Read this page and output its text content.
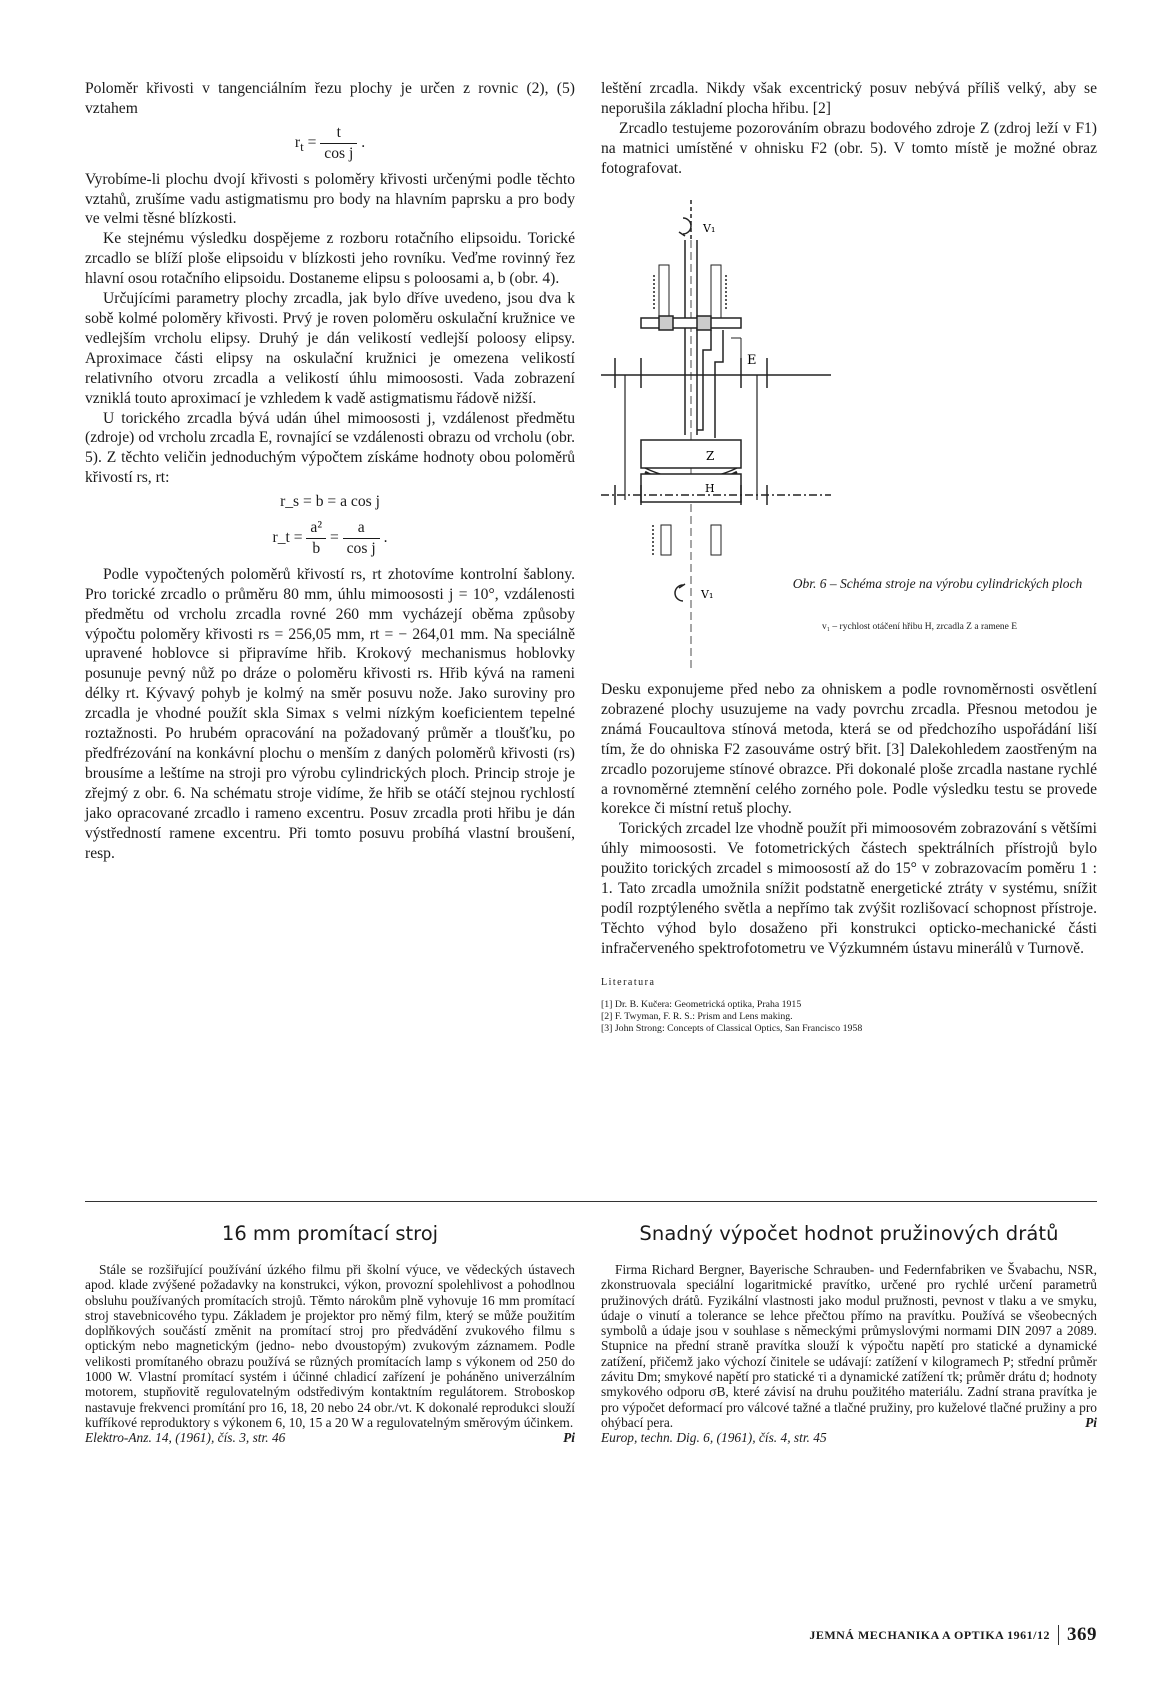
Poloměr křivosti v tangenciálním řezu plochy je určen z rovnic (2), (5) vztahem

$r_t = \frac{t}{\text{cos j}}$ .

Vyrobíme-li plochu dvojí křivosti s poloměry křivosti určenými podle těchto vztahů, zrušíme vadu astigmatismu pro body na hlavním paprsku a pro body ve velmi těsné blízkosti.

Ke stejnému výsledku dospějeme z rozboru rotačního elipsoidu. Torické zrcadlo se blíží ploše elipsoidu v blízkosti jeho rovníku. Veďme rovinný řez hlavní osou rotačního elipsoidu. Dostaneme elipsu s poloosami a, b (obr. 4).

Určujícími parametry plochy zrcadla, jak bylo dříve uvedeno, jsou dva k sobě kolmé poloměry křivosti. Prvý je roven poloměru oskulační kružnice ve vedlejším vrcholu elipsy. Druhý je dán velikostí vedlejší poloosy elipsy. Aproximace části elipsy na oskulační kružnici je omezena velikostí relativního otvoru zrcadla a velikostí úhlu mimoososti. Vada zobrazení vzniklá touto aproximací je vzhledem k vadě astigmatismu řádově nižší.

U torického zrcadla bývá udán úhel mimoososti j, vzdálenost předmětu (zdroje) od vrcholu zrcadla E, rovnající se vzdálenosti obrazu od vrcholu (obr. 5). Z těchto veličin jednoduchým výpočtem získáme hodnoty obou poloměrů křivostí rs, rt:

r_s = b = a cos j
r_t = $\frac{\text{a²}}{b} = \frac{a}{\text{cos j}}$ .

Podle vypočtených poloměrů křivostí rs, rt zhotovíme kontrolní šablony. Pro torické zrcadlo o průměru 80 mm, úhlu mimoososti j = 10°, vzdálenosti předmětu od vrcholu zrcadla rovné 260 mm vycházejí oběma způsoby výpočtu poloměry křivosti rs = 256,05 mm, rt = − 264,01 mm. Na speciálně upravené hoblovce si připravíme hřib. Krokový mechanismus hoblovky posunuje pevný nůž po dráze o poloměru křivosti rs. Hřib kývá na rameni délky rt. Kývavý pohyb je kolmý na směr posuvu nože. Jako suroviny pro zrcadla je vhodné použít skla Simax s velmi nízkým koeficientem tepelné roztažnosti. Po hrubém opracování na požadovaný průměr a tloušťku, po předfrézování na konkávní plochu o menším z daných poloměrů křivosti (rs) brousíme a leštíme na stroji pro výrobu cylindrických ploch. Princip stroje je zřejmý z obr. 6. Na schématu stroje vidíme, že hřib se otáčí stejnou rychlostí jako opracované zrcadlo i rameno excentru. Posuv zrcadla proti hřibu je dán výstředností ramene excentru. Při tomto posuvu probíhá vlastní broušení, resp.

leštění zrcadla. Nikdy však excentrický posuv nebývá příliš velký, aby se neporušila základní plocha hřibu. [2]

Zrcadlo testujeme pozorováním obrazu bodového zdroje Z (zdroj leží v F1) na matnici umístěné v ohnisku F2 (obr. 5). V tomto místě je možné obraz fotografovat.

V₁
E
Z
H
V₁
Obr. 6 – Schéma stroje na výrobu cylindrických ploch
v₁ – rychlost otáčení hřibu H, zrcadla Z a ramene E

Desku exponujeme před nebo za ohniskem a podle rovnoměrnosti osvětlení zobrazené plochy usuzujeme na vady povrchu zrcadla. Přesnou metodou je známá Foucaultova stínová metoda, která se od předchozího uspořádání liší tím, že do ohniska F2 zasouváme ostrý břit. [3] Dalekohledem zaostřeným na zrcadlo pozorujeme stínové obrazce. Při dokonalé ploše zrcadla nastane rychlé a rovnoměrné ztemnění celého zorného pole. Podle výsledku testu se provede korekce či místní retuš plochy.

Torických zrcadel lze vhodně použít při mimoosovém zobrazování s většími úhly mimoososti. Ve fotometrických částech spektrálních přístrojů bylo použito torických zrcadel s mimoosostí až do 15° v zobrazovacím poměru 1 : 1. Tato zrcadla umožnila snížit podstatně energetické ztráty v systému, snížit podíl rozptýleného světla a nepřímo tak zvýšit rozlišovací schopnost přístroje. Těchto výhod bylo dosaženo při konstrukci opticko-mechanické části infračerveného spektrofotometru ve Výzkumném ústavu minerálů v Turnově.

Literatura
[1] Dr. B. Kučera: Geometrická optika, Praha 1915
[2] F. Twyman, F. R. S.: Prism and Lens making.
[3] John Strong: Concepts of Classical Optics, San Francisco 1958
16 mm promítací stroj

Stále se rozšiřující používání úzkého filmu při školní výuce, ve vědeckých ústavech apod. klade zvýšené požadavky na konstrukci, výkon, provozní spolehlivost a pohodlnou obsluhu používaných promítacích strojů. Těmto nárokům plně vyhovuje 16 mm promítací stroj stavebnicového typu. Základem je projektor pro němý film, který se může použitím doplňkových součástí změnit na promítací stroj pro předvádění zvukového filmu s optickým nebo magnetickým (jedno- nebo dvoustopým) zvukovým záznamem. Podle velikosti promítaného obrazu používá se různých promítacích lamp s výkonem od 250 do 1000 W. Vlastní promítací systém i účinné chladicí zařízení je poháněno univerzálním motorem, stupňovitě regulovatelným odstředivým kontaktním regulátorem. Stroboskop nastavuje frekvenci promítání pro 16, 18, 20 nebo 24 obr./vt. K dokonalé reprodukci slouží kufříkové reproduktory s výkonem 6, 10, 15 a 20 W a regulovatelným směrovým účinkem.
Pi

Elektro-Anz. 14, (1961), čís. 3, str. 46

Snadný výpočet hodnot pružinových drátů

Firma Richard Bergner, Bayerische Schrauben- und Federnfabriken ve Švabachu, NSR, zkonstruovala speciální logaritmické pravítko, určené pro rychlé určení parametrů pružinových drátů. Fyzikální vlastnosti jako modul pružnosti, pevnost v tlaku a ve smyku, údaje o vinutí a tolerance se lehce přečtou přímo na pravítku. Používá se všeobecných symbolů a údaje jsou v souhlase s německými průmyslovými normami DIN 2097 a 2089. Stupnice na přední straně pravítka slouží k výpočtu napětí pro statické a dynamické zatížení, přičemž jako výchozí činitele se udávají: zatížení v kilogramech P; střední průměr závitu Dm; smykové napětí pro statické τi a dynamické zatížení τk; průměr drátu d; hodnoty smykového odporu σB, které závisí na druhu použitého materiálu. Zadní strana pravítka je pro výpočet deformací pro válcové tažné a tlačné pružiny, pro kuželové tlačné pružiny a pro ohýbací pera.	Pi

Europ, techn. Dig. 6, (1961), čís. 4, str. 45

JEMNÁ MECHANIKA A OPTIKA 1961/12 369
